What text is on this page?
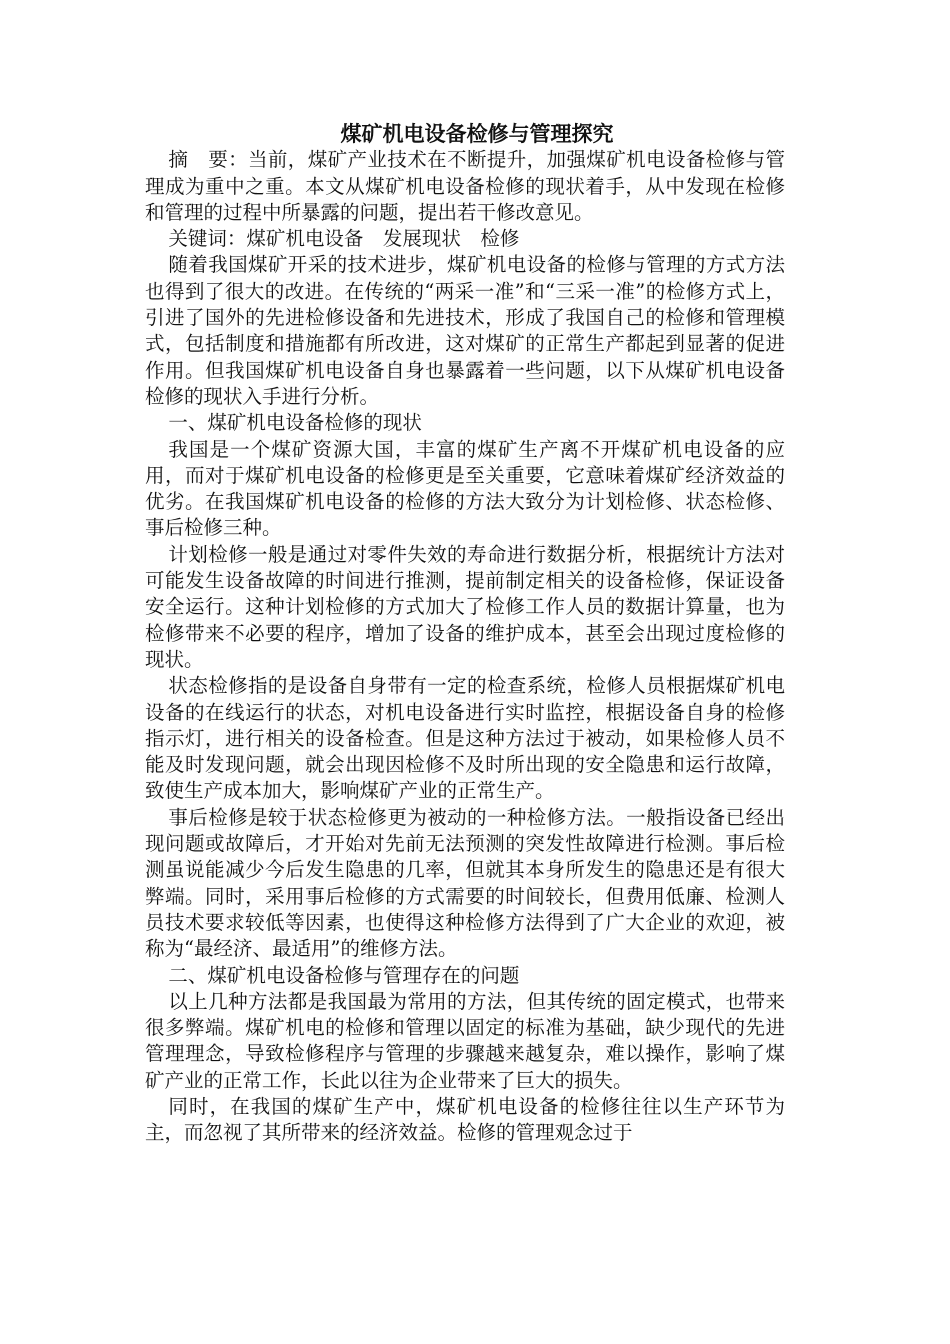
煤矿机电设备检修与管理探究

摘　要：当前，煤矿产业技术在不断提升，加强煤矿机电设备检修与管理成为重中之重。本文从煤矿机电设备检修的现状着手，从中发现在检修和管理的过程中所暴露的问题，提出若干修改意见。

关键词：煤矿机电设备　发展现状　检修

随着我国煤矿开采的技术进步，煤矿机电设备的检修与管理的方式方法也得到了很大的改进。在传统的“两采一准”和“三采一准”的检修方式上，引进了国外的先进检修设备和先进技术，形成了我国自己的检修和管理模式，包括制度和措施都有所改进，这对煤矿的正常生产都起到显著的促进作用。但我国煤矿机电设备自身也暴露着一些问题，以下从煤矿机电设备检修的现状入手进行分析。

一、煤矿机电设备检修的现状

我国是一个煤矿资源大国，丰富的煤矿生产离不开煤矿机电设备的应用，而对于煤矿机电设备的检修更是至关重要，它意味着煤矿经济效益的优劣。在我国煤矿机电设备的检修的方法大致分为计划检修、状态检修、事后检修三种。

计划检修一般是通过对零件失效的寿命进行数据分析，根据统计方法对可能发生设备故障的时间进行推测，提前制定相关的设备检修，保证设备安全运行。这种计划检修的方式加大了检修工作人员的数据计算量，也为检修带来不必要的程序，增加了设备的维护成本，甚至会出现过度检修的现状。

状态检修指的是设备自身带有一定的检查系统，检修人员根据煤矿机电设备的在线运行的状态，对机电设备进行实时监控，根据设备自身的检修指示灯，进行相关的设备检查。但是这种方法过于被动，如果检修人员不能及时发现问题，就会出现因检修不及时所出现的安全隐患和运行故障，致使生产成本加大，影响煤矿产业的正常生产。

事后检修是较于状态检修更为被动的一种检修方法。一般指设备已经出现问题或故障后，才开始对先前无法预测的突发性故障进行检测。事后检测虽说能减少今后发生隐患的几率，但就其本身所发生的隐患还是有很大弊端。同时，采用事后检修的方式需要的时间较长，但费用低廉、检测人员技术要求较低等因素，也使得这种检修方法得到了广大企业的欢迎，被称为“最经济、最适用”的维修方法。

二、煤矿机电设备检修与管理存在的问题

以上几种方法都是我国最为常用的方法，但其传统的固定模式，也带来很多弊端。煤矿机电的检修和管理以固定的标准为基础，缺少现代的先进管理理念，导致检修程序与管理的步骤越来越复杂，难以操作，影响了煤矿产业的正常工作，长此以往为企业带来了巨大的损失。

同时，在我国的煤矿生产中，煤矿机电设备的检修往往以生产环节为主，而忽视了其所带来的经济效益。检修的管理观念过于
